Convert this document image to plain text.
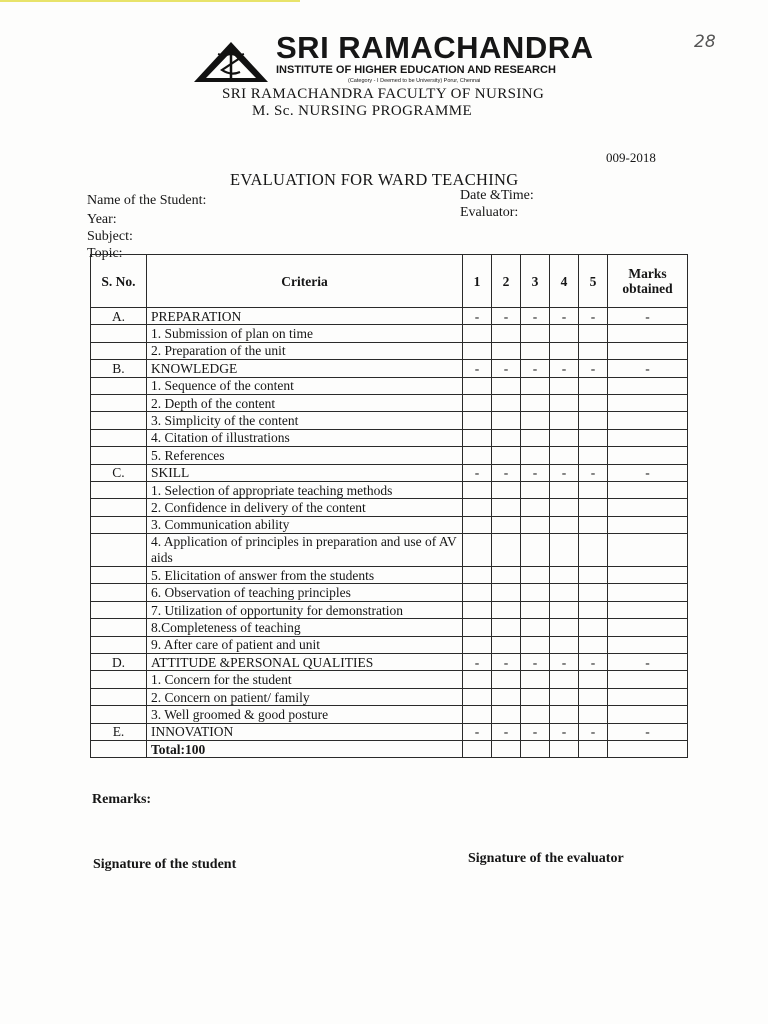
SRI RAMACHANDRA
INSTITUTE OF HIGHER EDUCATION AND RESEARCH
(Category - I Deemed to be University) Porur, Chennai
SRI RAMACHANDRA FACULTY OF NURSING
M. Sc. NURSING PROGRAMME
28
009-2018
EVALUATION FOR WARD TEACHING
Name of the Student:
Year:
Subject:
Topic:
Date &Time:
Evaluator:
S. No.	Criteria	1	2	3	4	5	Marks obtained
A.	PREPARATION	-	-	-	-	-	-
	1. Submission of plan on time						
	2. Preparation of the unit						
B.	KNOWLEDGE	-	-	-	-	-	-
	1. Sequence of the content						
	2. Depth of the content						
	3. Simplicity of the content						
	4. Citation of illustrations						
	5. References						
C.	SKILL	-	-	-	-	-	-
	1. Selection of appropriate teaching methods						
	2. Confidence in delivery of the content						
	3. Communication ability						
	4. Application of principles in preparation and use of AV aids						
	5. Elicitation of answer from the students						
	6. Observation of teaching principles						
	7. Utilization of opportunity for demonstration						
	8.Completeness of teaching						
	9. After care of patient and unit						
D.	ATTITUDE &PERSONAL QUALITIES	-	-	-	-	-	-
	1. Concern for the student						
	2. Concern on patient/ family						
	3. Well groomed & good posture						
E.	INNOVATION	-	-	-	-	-	-
	Total:100						
Remarks:
Signature of the student	Signature of the evaluator
